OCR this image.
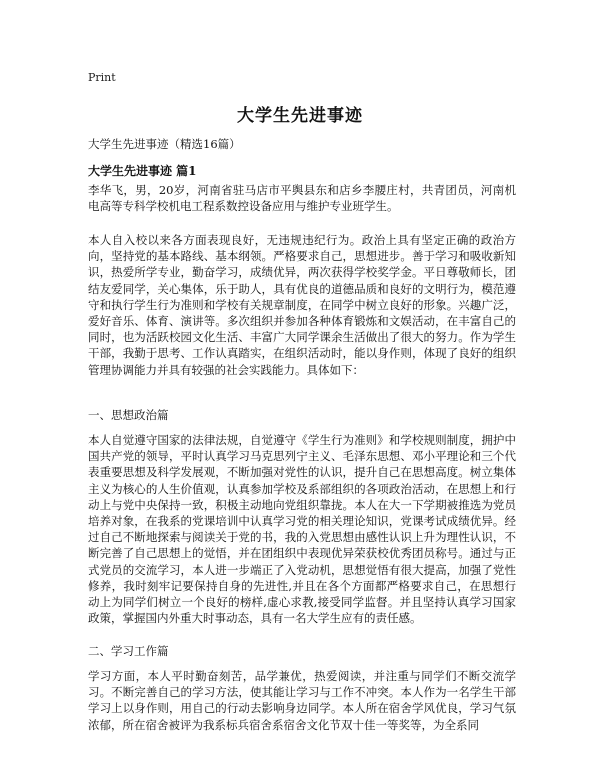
Print
大学生先进事迹
大学生先进事迹（精选16篇）
大学生先进事迹 篇1
李华飞，男，20岁，河南省驻马店市平舆县东和店乡李腰庄村，共青团员，河南机电高等专科学校机电工程系数控设备应用与维护专业班学生。
本人自入校以来各方面表现良好，无违规违纪行为。政治上具有坚定正确的政治方向，坚持党的基本路线、基本纲领。严格要求自己，思想进步。善于学习和吸收新知识，热爱所学专业，勤奋学习，成绩优异，两次获得学校奖学金。平日尊敬师长，团结友爱同学，关心集体，乐于助人，具有优良的道德品质和良好的文明行为，模范遵守和执行学生行为准则和学校有关规章制度，在同学中树立良好的形象。兴趣广泛，爱好音乐、体育、演讲等。多次组织并参加各种体育锻炼和文娱活动，在丰富自己的同时，也为活跃校园文化生活、丰富广大同学课余生活做出了很大的努力。作为学生干部，我勤于思考、工作认真踏实，在组织活动时，能以身作则，体现了良好的组织管理协调能力并具有较强的社会实践能力。具体如下：
一、思想政治篇
本人自觉遵守国家的法律法规，自觉遵守《学生行为准则》和学校规则制度，拥护中国共产党的领导，平时认真学习马克思列宁主义、毛泽东思想、邓小平理论和三个代表重要思想及科学发展观，不断加强对党性的认识，提升自己在思想高度。树立集体主义为核心的人生价值观，认真参加学校及系部组织的各项政治活动，在思想上和行动上与党中央保持一致，积极主动地向党组织靠拢。本人在大一下学期被推选为党员培养对象，在我系的党课培训中认真学习党的相关理论知识，党课考试成绩优异。经过自己不断地探索与阅读关于党的书，我的入党思想由感性认识上升为理性认识，不断完善了自己思想上的觉悟，并在团组织中表现优异荣获校优秀团员称号。通过与正式党员的交流学习，本人进一步端正了入党动机，思想觉悟有很大提高，加强了党性修养，我时刻牢记要保持自身的先进性,并且在各个方面都严格要求自己，在思想行动上为同学们树立一个良好的榜样,虚心求教,接受同学监督。并且坚持认真学习国家政策，掌握国内外重大时事动态，具有一名大学生应有的责任感。
二、学习工作篇
学习方面，本人平时勤奋刻苦，品学兼优，热爱阅读，并注重与同学们不断交流学习。不断完善自己的学习方法，使其能让学习与工作不冲突。本人作为一名学生干部学习上以身作则，用自己的行动去影响身边同学。本人所在宿舍学风优良，学习气氛浓郁，所在宿舍被评为我系标兵宿舍系宿舍文化节双十佳一等奖等，为全系同
